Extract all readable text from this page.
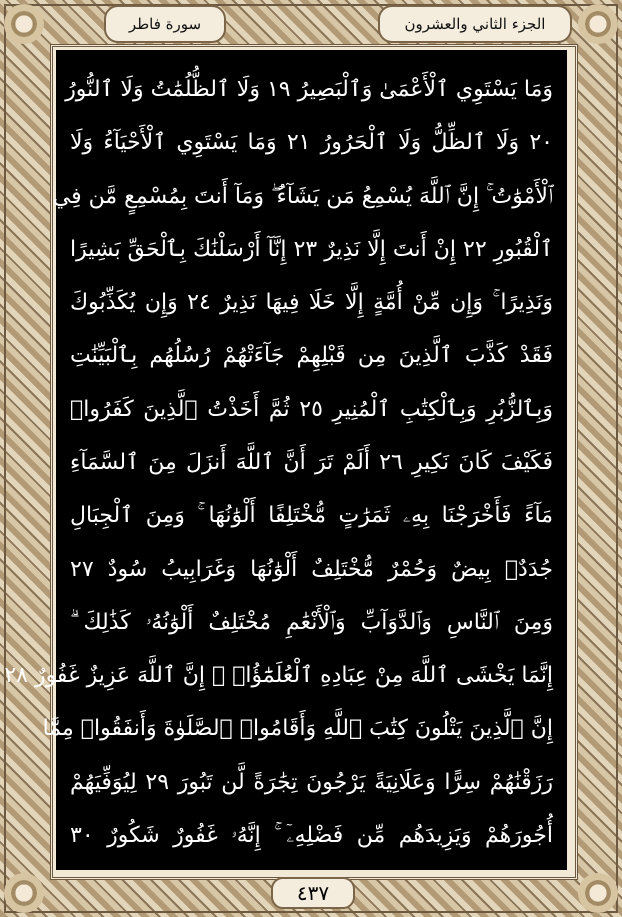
الجزء الثاني والعشرون
سورة فاطر
وَمَا يَسْتَوِي ٱلْأَعْمَىٰ وَٱلْبَصِيرُ ١٩ وَلَا ٱلظُّلُمَٰتُ وَلَا ٱلنُّورُ
٢٠ وَلَا ٱلظِّلُّ وَلَا ٱلْحَرُورُ ٢١ وَمَا يَسْتَوِي ٱلْأَحْيَآءُ وَلَا
ٱلْأَمْوَٰتُ ۚ إِنَّ ٱللَّهَ يُسْمِعُ مَن يَشَآءُ ۖ وَمَآ أَنتَ بِمُسْمِعٍ مَّن فِي
ٱلْقُبُورِ ٢٢ إِنْ أَنتَ إِلَّا نَذِيرٌ ٢٣ إِنَّآ أَرْسَلْنَٰكَ بِٱلْحَقِّ بَشِيرًا
وَنَذِيرًا ۚ وَإِن مِّنْ أُمَّةٍ إِلَّا خَلَا فِيهَا نَذِيرٌ ٢٤ وَإِن يُكَذِّبُوكَ
فَقَدْ كَذَّبَ ٱلَّذِينَ مِن قَبْلِهِمْ جَآءَتْهُمْ رُسُلُهُم بِٱلْبَيِّنَٰتِ
وَبِٱلزُّبُرِ وَبِٱلْكِتَٰبِ ٱلْمُنِيرِ ٢٥ ثُمَّ أَخَذْتُ ٱلَّذِينَ كَفَرُوا۟
فَكَيْفَ كَانَ نَكِيرِ ٢٦ أَلَمْ تَرَ أَنَّ ٱللَّهَ أَنزَلَ مِنَ ٱلسَّمَآءِ
مَآءً فَأَخْرَجْنَا بِهِۦ ثَمَرَٰتٍ مُّخْتَلِفًا أَلْوَٰنُهَا ۚ وَمِنَ ٱلْجِبَالِ
جُدَدٌۢ بِيضٌ وَحُمْرٌ مُّخْتَلِفٌ أَلْوَٰنُهَا وَغَرَابِيبُ سُودٌ ٢٧
وَمِنَ ٱلنَّاسِ وَٱلدَّوَآبِّ وَٱلْأَنْعَٰمِ مُخْتَلِفٌ أَلْوَٰنُهُۥ كَذَٰلِكَ ۗ
إِنَّمَا يَخْشَى ٱللَّهَ مِنْ عِبَادِهِ ٱلْعُلَمَٰٓؤُا۟ ۗ إِنَّ ٱللَّهَ عَزِيزٌ غَفُورٌ ٢٨
إِنَّ ٱلَّذِينَ يَتْلُونَ كِتَٰبَ ٱللَّهِ وَأَقَامُوا۟ ٱلصَّلَوٰةَ وَأَنفَقُوا۟ مِمَّا
رَزَقْنَٰهُمْ سِرًّا وَعَلَانِيَةً يَرْجُونَ تِجَٰرَةً لَّن تَبُورَ ٢٩ لِيُوَفِّيَهُمْ
أُجُورَهُمْ وَيَزِيدَهُم مِّن فَضْلِهِۦٓ ۚ إِنَّهُۥ غَفُورٌ شَكُورٌ ٣٠
٤٣٧
